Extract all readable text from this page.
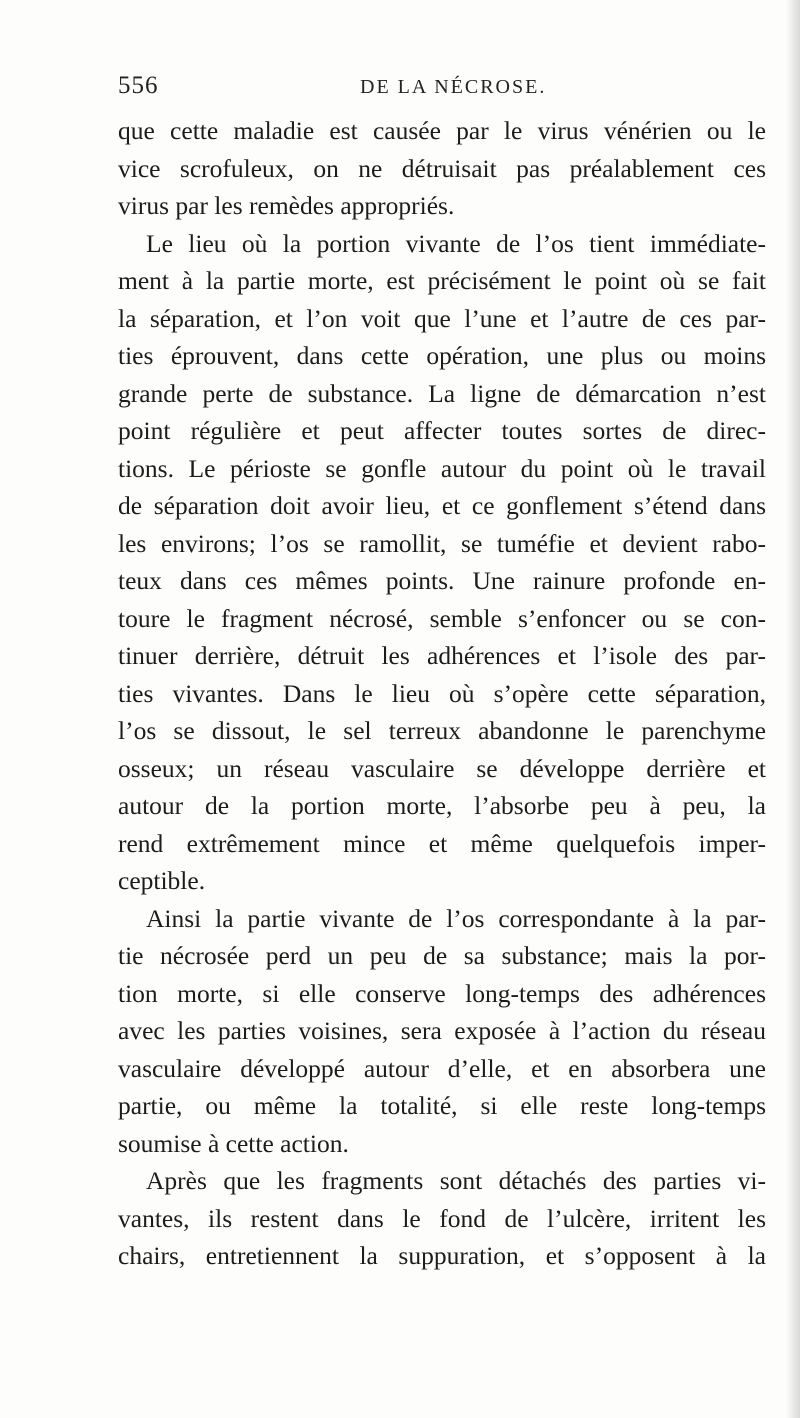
556	DE LA NÉCROSE.
que cette maladie est causée par le virus vénérien ou le
vice scrofuleux, on ne détruisait pas préalablement ces
virus par les remèdes appropriés.
Le lieu où la portion vivante de l’os tient immédiate-
ment à la partie morte, est précisément le point où se fait
la séparation, et l’on voit que l’une et l’autre de ces par-
ties éprouvent, dans cette opération, une plus ou moins
grande perte de substance. La ligne de démarcation n’est
point régulière et peut affecter toutes sortes de direc-
tions. Le périoste se gonfle autour du point où le travail
de séparation doit avoir lieu, et ce gonflement s’étend dans
les environs; l’os se ramollit, se tuméfie et devient rabo-
teux dans ces mêmes points. Une rainure profonde en-
toure le fragment nécrosé, semble s’enfoncer ou se con-
tinuer derrière, détruit les adhérences et l’isole des par-
ties vivantes. Dans le lieu où s’opère cette séparation,
l’os se dissout, le sel terreux abandonne le parenchyme
osseux; un réseau vasculaire se développe derrière et
autour de la portion morte, l’absorbe peu à peu, la
rend extrêmement mince et même quelquefois imper-
ceptible.
Ainsi la partie vivante de l’os correspondante à la par-
tie nécrosée perd un peu de sa substance; mais la por-
tion morte, si elle conserve long-temps des adhérences
avec les parties voisines, sera exposée à l’action du réseau
vasculaire développé autour d’elle, et en absorbera une
partie, ou même la totalité, si elle reste long-temps
soumise à cette action.
Après que les fragments sont détachés des parties vi-
vantes, ils restent dans le fond de l’ulcère, irritent les
chairs, entretiennent la suppuration, et s’opposent à la
